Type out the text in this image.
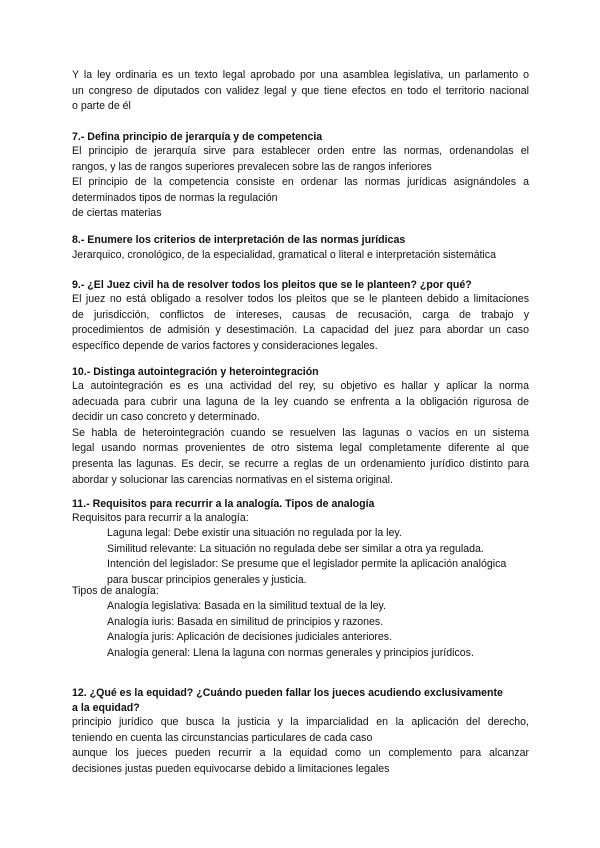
Y la ley ordinaria es un texto legal aprobado por una asamblea legislativa, un parlamento o
un congreso de diputados con validez legal y que tiene efectos en todo el territorio nacional
o parte de él
7.- Defina principio de jerarquía y de competencia
El principio de jerarquía sirve para establecer orden entre las normas, ordenandolas el
rangos, y las de rangos superiores prevalecen sobre las de rangos inferiores
El principio de la competencia consiste en ordenar las normas jurídicas asignándoles a
determinados tipos de normas la regulación
de ciertas materias
8.- Enumere los criterios de interpretación de las normas jurídicas
Jerarquico, cronológico, de la especialidad, gramatical o literal e interpretación sistemática
9.- ¿El Juez civil ha de resolver todos los pleitos que se le planteen? ¿por qué?
El juez no está obligado a resolver todos los pleitos que se le planteen debido a limitaciones
de jurisdicción, conflictos de intereses, causas de recusación, carga de trabajo y
procedimientos de admisión y desestimación. La capacidad del juez para abordar un caso
específico depende de varios factores y consideraciones legales.
10.- Distinga autointegración y heterointegración
La autointegración es es una actividad del rey, su objetivo es hallar y aplicar la norma
adecuada para cubrir una laguna de la ley cuando se enfrenta a la obligación rigurosa de
decidir un caso concreto y determinado.
Se habla de heterointegración cuando se resuelven las lagunas o vacíos en un sistema
legal usando normas provenientes de otro sistema legal completamente diferente al que
presenta las lagunas. Es decir, se recurre a reglas de un ordenamiento jurídico distinto para
abordar y solucionar las carencias normativas en el sistema original.
11.- Requisitos para recurrir a la analogía. Tipos de analogía
Requisitos para recurrir a la analogía:
Laguna legal: Debe existir una situación no regulada por la ley.
Similitud relevante: La situación no regulada debe ser similar a otra ya regulada.
Intención del legislador: Se presume que el legislador permite la aplicación analógica
para buscar principios generales y justicia.
Tipos de analogía:
Analogía legislativa: Basada en la similitud textual de la ley.
Analogía iuris: Basada en similitud de principios y razones.
Analogía juris: Aplicación de decisiones judiciales anteriores.
Analogía general: Llena la laguna con normas generales y principios jurídicos.
12. ¿Qué es la equidad? ¿Cuándo pueden fallar los jueces acudiendo exclusivamente
a la equidad?
principio jurídico que busca la justicia y la imparcialidad en la aplicación del derecho,
teniendo en cuenta las circunstancias particulares de cada caso
aunque los jueces pueden recurrir a la equidad como un complemento para alcanzar
decisiones justas pueden equivocarse debido a limitaciones legales
